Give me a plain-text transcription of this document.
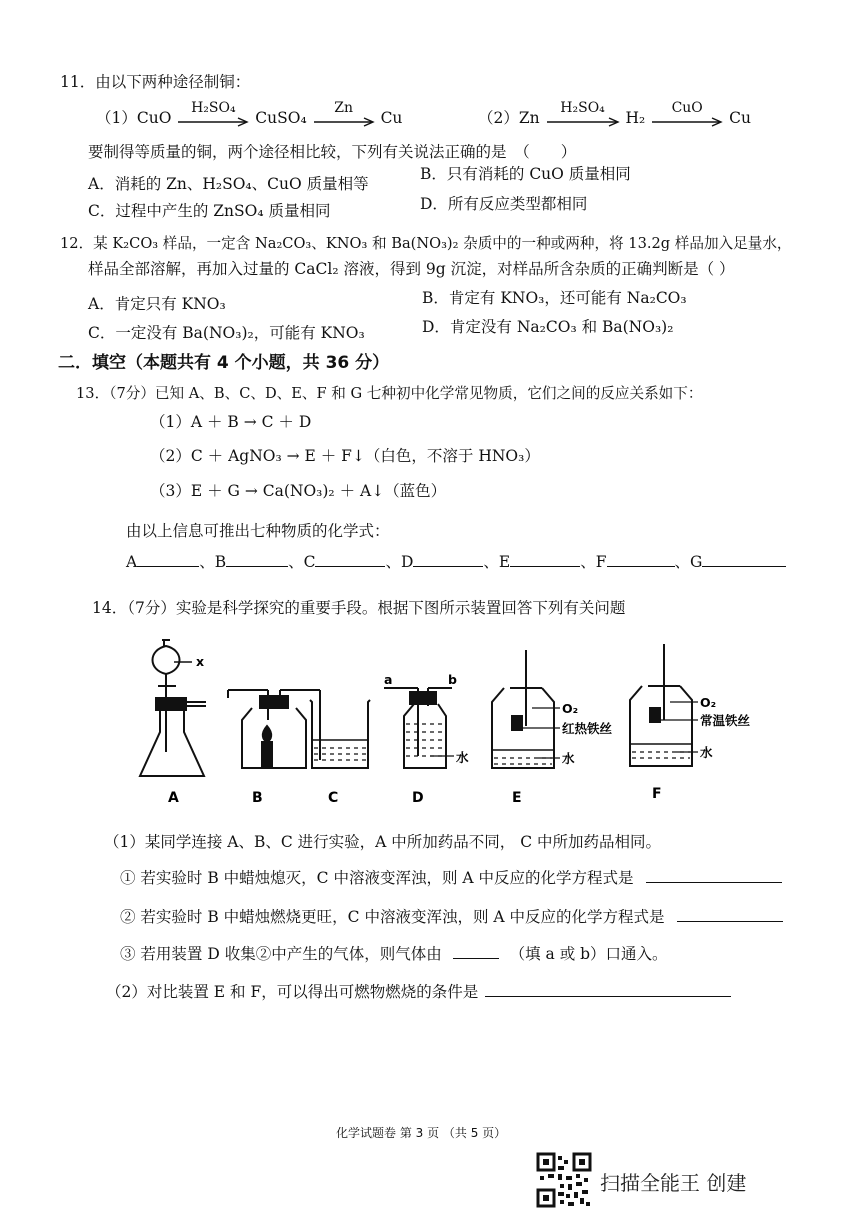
11．由以下两种途径制铜：
（1）CuO
H₂SO₄
CuSO₄
Zn
Cu	（2）Zn
H₂SO₄
H₂
CuO
Cu
要制得等质量的铜，两个途径相比较，下列有关说法正确的是　（　　）
A．消耗的 Zn、H₂SO₄、CuO 质量相等
B．只有消耗的 CuO 质量相同
C．过程中产生的 ZnSO₄ 质量相同	D．所有反应类型都相同
12．某 K₂CO₃ 样品，一定含 Na₂CO₃、KNO₃ 和 Ba(NO₃)₂ 杂质中的一种或两种，将 13.2g 样品加入足量水，
样品全部溶解，再加入过量的 CaCl₂ 溶液，得到 9g 沉淀，对样品所含杂质的正确判断是（ ）
A．肯定只有 KNO₃	B．肯定有 KNO₃，还可能有 Na₂CO₃
C．一定没有 Ba(NO₃)₂，可能有 KNO₃	D．肯定没有 Na₂CO₃ 和 Ba(NO₃)₂
二．填空（本题共有 4 个小题，共 36 分）
13．（7分）已知 A、B、C、D、E、F 和 G 七种初中化学常见物质，它们之间的反应关系如下：
（1）A ＋ B → C ＋ D
（2）C ＋ AgNO₃ → E ＋ F↓（白色，不溶于 HNO₃）
（3）E ＋ G → Ca(NO₃)₂ ＋ A↓（蓝色）
由以上信息可推出七种物质的化学式：
A	、B	、C	、D	、E	、F	、G
14．（7分）实验是科学探究的重要手段。根据下图所示装置回答下列有关问题
x
a	b
水
O₂
红热铁丝
水
O₂
常温铁丝
水
A	B	C	D	E	F
（1）某同学连接 A、B、C 进行实验，A 中所加药品不同， C 中所加药品相同。
① 若实验时 B 中蜡烛熄灭，C 中溶液变浑浊，则 A 中反应的化学方程式是
② 若实验时 B 中蜡烛燃烧更旺，C 中溶液变浑浊，则 A 中反应的化学方程式是
③ 若用装置 D 收集②中产生的气体，则气体由	（填 a 或 b）口通入。
（2）对比装置 E 和 F，可以得出可燃物燃烧的条件是
化学试题卷 第 3 页 （共 5 页）
扫描全能王 创建
